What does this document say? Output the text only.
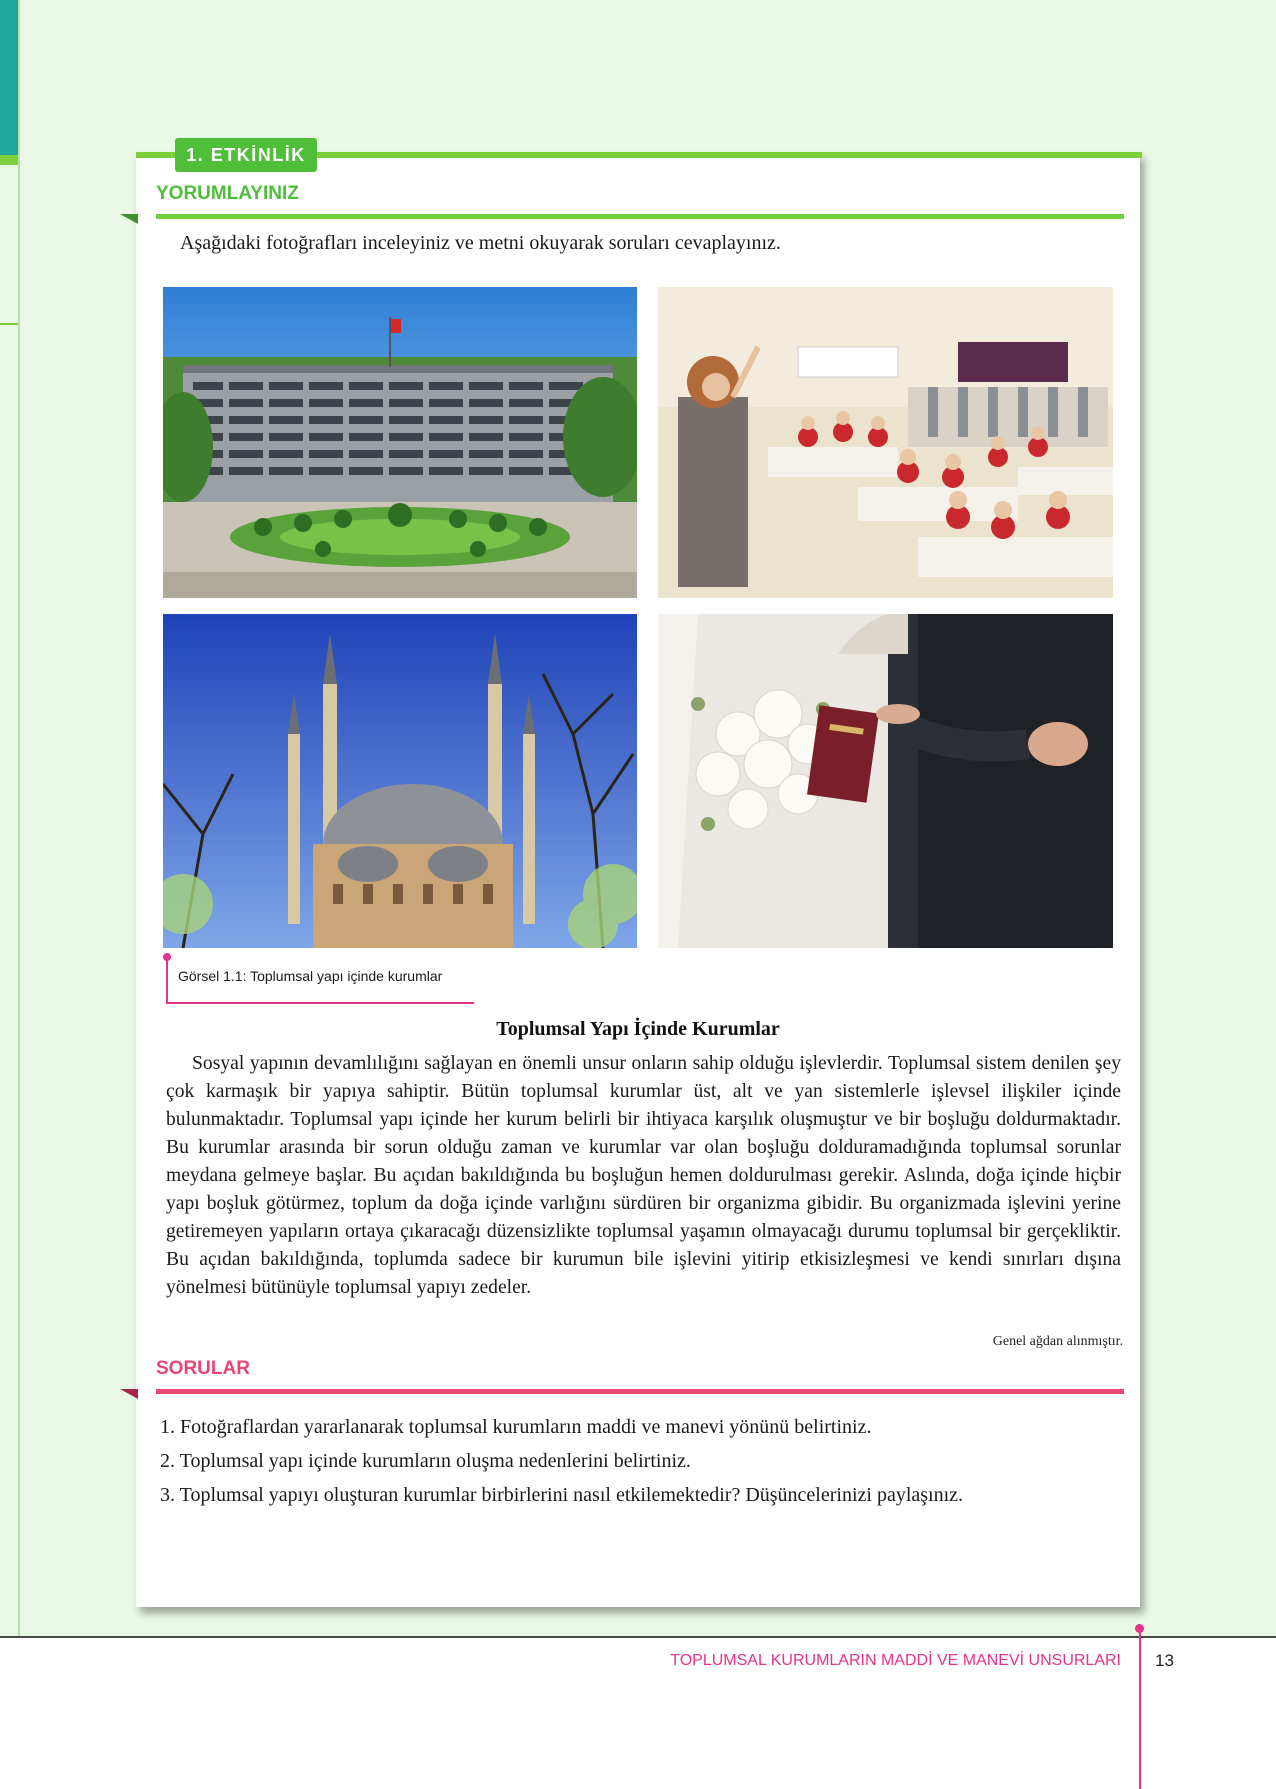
1. ETKİNLİK
YORUMLAYINIZ
Aşağıdaki fotoğrafları inceleyiniz ve metni okuyarak soruları cevaplayınız.
Görsel 1.1: Toplumsal yapı içinde kurumlar
Toplumsal Yapı İçinde Kurumlar

Sosyal yapının devamlılığını sağlayan en önemli unsur onların sahip olduğu işlevlerdir. Toplumsal sistem denilen şey çok karmaşık bir yapıya sahiptir. Bütün toplumsal kurumlar üst, alt ve yan sistemlerle işlevsel ilişkiler içinde bulunmaktadır. Toplumsal yapı içinde her kurum belirli bir ihtiyaca karşılık oluşmuştur ve bir boşluğu doldurmaktadır. Bu kurumlar arasında bir sorun olduğu zaman ve kurumlar var olan boşluğu dolduramadığında toplumsal sorunlar meydana gelmeye başlar. Bu açıdan bakıldığında bu boşluğun hemen doldurulması gerekir. Aslında, doğa içinde hiçbir yapı boşluk götürmez, toplum da doğa içinde varlığını sürdüren bir organizma gibidir. Bu organizmada işlevini yerine getiremeyen yapıların ortaya çıkaracağı düzensizlikte toplumsal yaşamın olmayacağı durumu toplumsal bir gerçekliktir. Bu açıdan bakıldığında, toplumda sadece bir kurumun bile işlevini yitirip etkisizleşmesi ve kendi sınırları dışına yönelmesi bütünüyle toplumsal yapıyı zedeler.

Genel ağdan alınmıştır.
SORULAR
1. Fotoğraflardan yararlanarak toplumsal kurumların maddi ve manevi yönünü belirtiniz.
2. Toplumsal yapı içinde kurumların oluşma nedenlerini belirtiniz.
3. Toplumsal yapıyı oluşturan kurumlar birbirlerini nasıl etkilemektedir? Düşüncelerinizi paylaşınız.
TOPLUMSAL KURUMLARIN MADDİ VE MANEVİ UNSURLARI 13
